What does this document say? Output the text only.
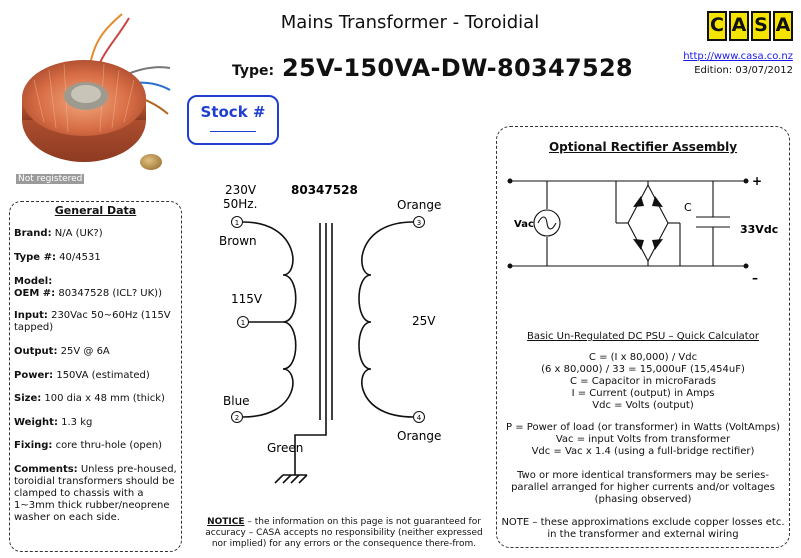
Mains Transformer - Toroidial
Type: 25V-150VA-DW-80347528
C A S A
http://www.casa.co.nz
Edition: 03/07/2012
Stock #
Not registered
General Data
Brand: N/A (UK?)
Type #: 40/4531
Model:
OEM #: 80347528 (ICL? UK))
Input: 230Vac 50~60Hz (115V tapped)
Output: 25V @ 6A
Power: 150VA (estimated)
Size: 100 dia x 48 mm (thick)
Weight: 1.3 kg
Fixing: core thru-hole (open)
Comments: Unless pre-housed, toroidial transformers should be clamped to chassis with a 1~3mm thick rubber/neoprene washer on each side.
1
1
2
3
4
230V
50Hz.
80347528
Brown
115V
Blue
Green
Orange
25V
Orange
Optional Rectifier Assembly
Vac
C
33Vdc
+
–
Basic Un-Regulated DC PSU – Quick Calculator
C = (I x 80,000) / Vdc
(6 x 80,000) / 33 = 15,000uF (15,454uF)
C = Capacitor in microFarads
I = Current (output) in Amps
Vdc = Volts (output)
P = Power of load (or transformer) in Watts (VoltAmps)
Vac = input Volts from transformer
Vdc = Vac x 1.4 (using a full-bridge rectifier)
Two or more identical transformers may be series-
parallel arranged for higher currents and/or voltages
(phasing observed)
NOTE – these approximations exclude copper losses etc.
in the transformer and external wiring
NOTICE – the information on this page is not guaranteed for accuracy – CASA accepts no responsibility (neither expressed nor implied) for any errors or the consequence there-from.
